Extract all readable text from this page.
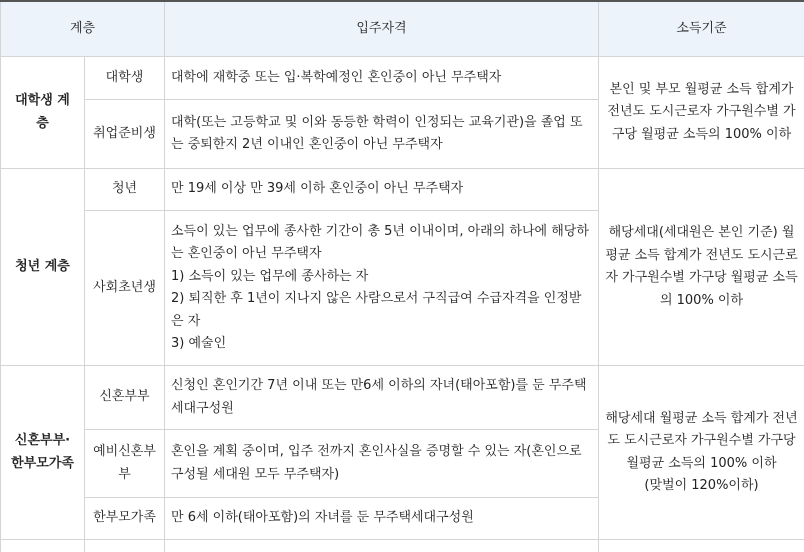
계층		입주자격	소득기준
대학생 계층	대학생	대학에 재학중 또는 입·복학예정인 혼인중이 아닌 무주택자	본인 및 부모 월평균 소득 합계가 전년도 도시근로자 가구원수별 가구당 월평균 소득의 100% 이하
	취업준비생	대학(또는 고등학교 및 이와 동등한 학력이 인정되는 교육기관)을 졸업 또는 중퇴한지 2년 이내인 혼인중이 아닌 무주택자	
청년 계층	청년	만 19세 이상 만 39세 이하 혼인중이 아닌 무주택자	해당세대(세대원은 본인 기준) 월평균 소득 합계가 전년도 도시근로자 가구원수별 가구당 월평균 소득의 100% 이하
	사회초년생	소득이 있는 업무에 종사한 기간이 총 5년 이내이며, 아래의 하나에 해당하는 혼인중이 아닌 무주택자
1) 소득이 있는 업무에 종사하는 자
2) 퇴직한 후 1년이 지나지 않은 사람으로서 구직급여 수급자격을 인정받은 자
3) 예술인	

신혼부부·한부모가족	신혼부부	신청인 혼인기간 7년 이내 또는 만6세 이하의 자녀(태아포함)를 둔 무주택세대구성원	해당세대 월평균 소득 합계가 전년도 도시근로자 가구원수별 가구당 월평균 소득의 100% 이하
(맞벌이 120%이하)

	예비신혼부부	혼인을 계획 중이며, 입주 전까지 혼인사실을 증명할 수 있는 자(혼인으로 구성될 세대원 모두 무주택자)	
	한부모가족	만 6세 이하(태아포함)의 자녀를 둔 무주택세대구성원	
